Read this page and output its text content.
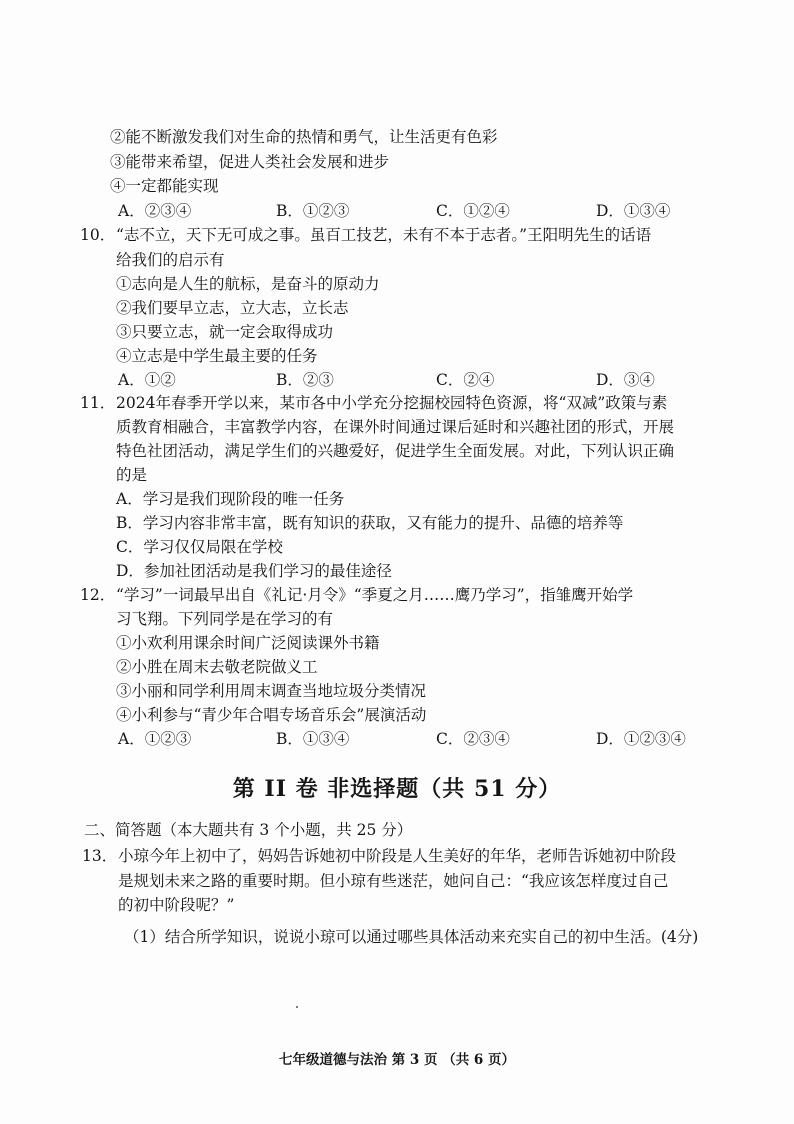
②能不断激发我们对生命的热情和勇气，让生活更有色彩
③能带来希望，促进人类社会发展和进步
④一定都能实现
A．②③④	B．①②③	C．①②④	D．①③④
10． “志不立，天下无可成之事。虽百工技艺，未有不本于志者。”王阳明先生的话语
给我们的启示有
①志向是人生的航标，是奋斗的原动力
②我们要早立志，立大志，立长志
③只要立志，就一定会取得成功
④立志是中学生最主要的任务
A．①②	B．②③	C．②④	D．③④
11． 2024年春季开学以来，某市各中小学充分挖掘校园特色资源，将“双减”政策与素
质教育相融合，丰富教学内容，在课外时间通过课后延时和兴趣社团的形式，开展
特色社团活动，满足学生们的兴趣爱好，促进学生全面发展。对此，下列认识正确
的是
A．学习是我们现阶段的唯一任务
B．学习内容非常丰富，既有知识的获取，又有能力的提升、品德的培养等
C．学习仅仅局限在学校
D．参加社团活动是我们学习的最佳途径
12． “学习”一词最早出自《礼记·月令》“季夏之月……鹰乃学习”，指雏鹰开始学
习飞翔。下列同学是在学习的有
①小欢利用课余时间广泛阅读课外书籍
②小胜在周末去敬老院做义工
③小丽和同学利用周末调查当地垃圾分类情况
④小利参与“青少年合唱专场音乐会”展演活动
A．①②③	B．①③④	C．②③④	D．①②③④
第 II 卷 非选择题（共 51 分）
二、简答题（本大题共有 3 个小题，共 25 分）
13． 小琼今年上初中了，妈妈告诉她初中阶段是人生美好的年华，老师告诉她初中阶段
是规划未来之路的重要时期。但小琼有些迷茫，她问自己：“我应该怎样度过自己
的初中阶段呢？”
（1）结合所学知识，说说小琼可以通过哪些具体活动来充实自己的初中生活。(4分)
七年级道德与法治 第 3 页 （共 6 页）
